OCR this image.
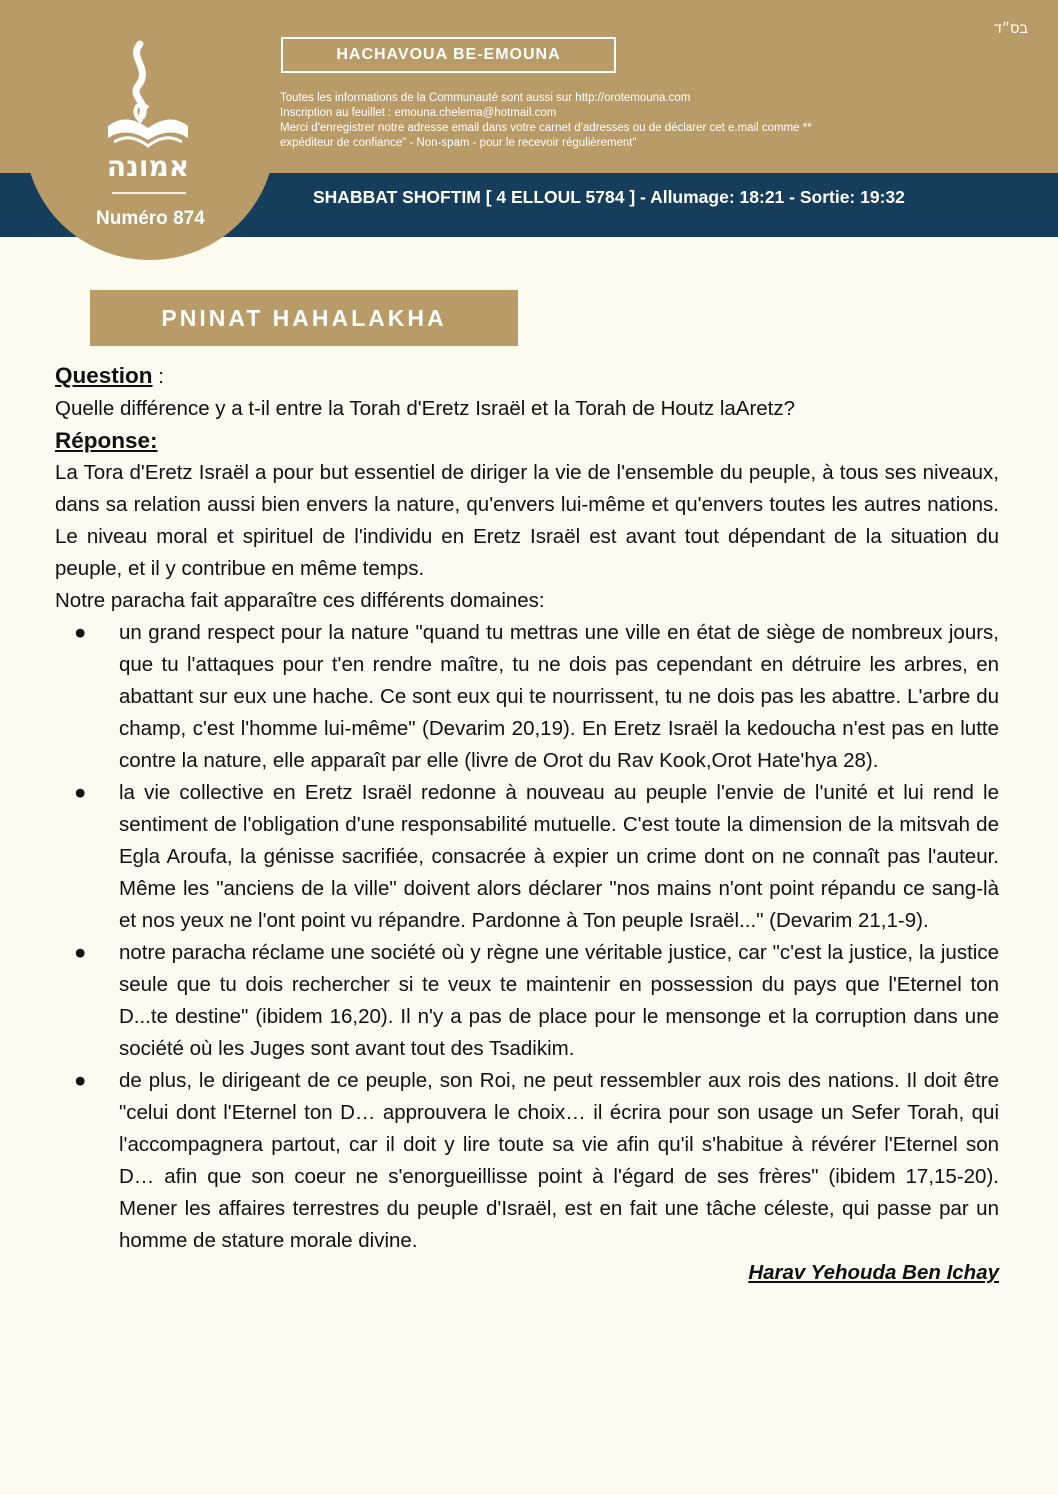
אמונה
Numéro 874
בס״ד
HACHAVOUA BE-EMOUNA
Toutes les informations de la Communauté sont aussi sur http://orotemouna.com
Inscription au feuillet : emouna.chelema@hotmail.com
Merci d'enregistrer notre adresse email dans votre carnet d'adresses ou de déclarer cet e.mail comme **
expéditeur de confiance" - Non-spam - pour le recevoir régulièrement"
SHABBAT SHOFTIM [ 4 ELLOUL 5784 ] - Allumage: 18:21 - Sortie: 19:32
PNINAT HAHALAKHA

Question :

Quelle différence y a t-il entre la Torah d'Eretz Israël et la Torah de Houtz laAretz?

Réponse:

La Tora d'Eretz Israël a pour but essentiel de diriger la vie de l'ensemble du peuple, à tous ses niveaux, dans sa relation aussi bien envers la nature, qu'envers lui-même et qu'envers toutes les autres nations. Le niveau moral et spirituel de l'individu en Eretz Israël est avant tout dépendant de la situation du peuple, et il y contribue en même temps.

Notre paracha fait apparaître ces différents domaines:

● un grand respect pour la nature "quand tu mettras une ville en état de siège de nombreux jours, que tu l'attaques pour t'en rendre maître, tu ne dois pas cependant en détruire les arbres, en abattant sur eux une hache. Ce sont eux qui te nourrissent, tu ne dois pas les abattre. L'arbre du champ, c'est l'homme lui-même" (Devarim 20,19). En Eretz Israël la kedoucha n'est pas en lutte contre la nature, elle apparaît par elle (livre de Orot du Rav Kook,Orot Hate'hya 28).
● la vie collective en Eretz Israël redonne à nouveau au peuple l'envie de l'unité et lui rend le sentiment de l'obligation d'une responsabilité mutuelle. C'est toute la dimension de la mitsvah de Egla Aroufa, la génisse sacrifiée, consacrée à expier un crime dont on ne connaît pas l'auteur. Même les "anciens de la ville" doivent alors déclarer "nos mains n'ont point répandu ce sang-là et nos yeux ne l'ont point vu répandre. Pardonne à Ton peuple Israël..." (Devarim 21,1-9).
● notre paracha réclame une société où y règne une véritable justice, car "c'est la justice, la justice seule que tu dois rechercher si te veux te maintenir en possession du pays que l'Eternel ton D...te destine" (ibidem 16,20). Il n'y a pas de place pour le mensonge et la corruption dans une société où les Juges sont avant tout des Tsadikim.
● de plus, le dirigeant de ce peuple, son Roi, ne peut ressembler aux rois des nations. Il doit être "celui dont l'Eternel ton D… approuvera le choix… il écrira pour son usage un Sefer Torah, qui l'accompagnera partout, car il doit y lire toute sa vie afin qu'il s'habitue à révérer l'Eternel son D… afin que son coeur ne s'enorgueillisse point à l'égard de ses frères" (ibidem 17,15-20). Mener les affaires terrestres du peuple d'Israël, est en fait une tâche céleste, qui passe par un homme de stature morale divine.

Harav Yehouda Ben Ichay
